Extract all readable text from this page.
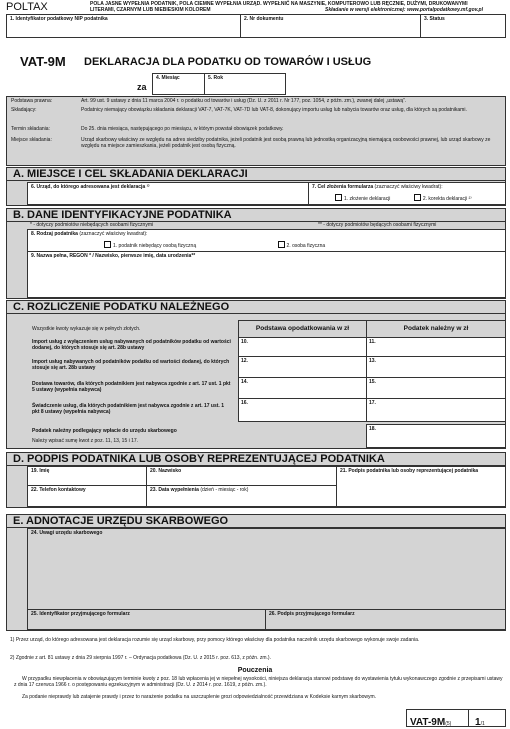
POLTAX	POLA JASNE WYPEŁNIA PODATNIK, POLA CIEMNE WYPEŁNIA URZĄD. WYPEŁNIĆ NA MASZYNIE, KOMPUTEROWO LUB RĘCZNIE, DUŻYMI, DRUKOWANYMI
LITERAMI, CZARNYM LUB NIEBIESKIM KOLOREM	Składanie w wersji elektronicznej: www.portalpodatkowy.mf.gov.pl
1. Identyfikator podatkowy NIP podatnika	2. Nr dokumentu	3. Status
VAT-9M DEKLARACJA DLA PODATKU OD TOWARÓW I USŁUG
za
4. Miesiąc	5. Rok
Podstawa prawna:	Art. 99 ust. 9 ustawy z dnia 11 marca 2004 r. o podatku od towarów i usług (Dz. U. z 2011 r. Nr 177, poz. 1054, z późn. zm.), zwanej dalej „ustawą”.
Składający:	Podatnicy niemający obowiązku składania deklaracji VAT-7, VAT-7K, VAT-7D lub VAT-8, dokonujący importu usług lub nabycia towarów oraz usług, dla których są podatnikami.
Termin składania:	Do 25. dnia miesiąca, następującego po miesiącu, w którym powstał obowiązek podatkowy.
Miejsce składania:	Urząd skarbowy właściwy ze względu na adres siedziby podatnika, jeżeli podatnik jest osobą prawną lub jednostką organizacyjną niemającą osobowości prawnej, lub urząd skarbowy ze względu na miejsce zamieszkania, jeżeli podatnik jest osobą fizyczną.
A. MIEJSCE I CEL SKŁADANIA DEKLARACJI
6. Urząd, do którego adresowana jest deklaracja ¹⁾	7. Cel złożenia formularza (zaznaczyć właściwy kwadrat):
1. złożenie deklaracji	2. korekta deklaracji ²⁾
B. DANE IDENTYFIKACYJNE PODATNIKA
* - dotyczy podmiotów niebędących osobami fizycznymi	** - dotyczy podmiotów będących osobami fizycznymi
8. Rodzaj podatnika (zaznaczyć właściwy kwadrat):
1. podatnik niebędący osobą fizyczną	2. osoba fizyczna
9. Nazwa pełna, REGON * / Nazwisko, pierwsze imię, data urodzenia**
C. ROZLICZENIE PODATKU NALEŻNEGO
Wszystkie kwoty wykazuje się w pełnych złotych.	Podstawa opodatkowania w zł	Podatek należny w zł
Import usług z wyłączeniem usług nabywanych od podatników podatku od wartości dodanej, do których stosuje się art. 28b ustawy
10.	11.
Import usług nabywanych od podatników podatku od wartości dodanej, do których stosuje się art. 28b ustawy
12.	13.
Dostawa towarów, dla których podatnikiem jest nabywca zgodnie z art. 17 ust. 1 pkt 5 ustawy (wypełnia nabywca)
14.	15.
Świadczenie usług, dla których podatnikiem jest nabywca zgodnie z art. 17 ust. 1 pkt 8 ustawy (wypełnia nabywca)
16.	17.
Podatek należny podlegający wpłacie do urzędu skarbowego
Należy wpisać sumę kwot z poz. 11, 13, 15 i 17.
18.
D. PODPIS PODATNIKA LUB OSOBY REPREZENTUJĄCEJ PODATNIKA
19. Imię	20. Nazwisko	21. Podpis podatnika lub osoby reprezentującej podatnika
22. Telefon kontaktowy	23. Data wypełnienia (dzień - miesiąc - rok)
E. ADNOTACJE URZĘDU SKARBOWEGO
24. Uwagi urzędu skarbowego
25. Identyfikator przyjmującego formularz	26. Podpis przyjmującego formularz
1) Przez urząd, do którego adresowana jest deklaracja rozumie się urząd skarbowy, przy pomocy którego właściwy dla podatnika naczelnik urzędu skarbowego wykonuje swoje zadania.
2) Zgodnie z art. 81 ustawy z dnia 29 sierpnia 1997 r. – Ordynacja podatkowa (Dz. U. z 2015 r. poz. 613, z późn. zm.).
Pouczenia
W przypadku niewpłacenia w obowiązującym terminie kwoty z poz. 18 lub wpłacenia jej w niepełnej wysokości, niniejsza deklaracja stanowi podstawę do wystawienia tytułu wykonawczego zgodnie z przepisami ustawy z dnia 17 czerwca 1966 r. o postępowaniu egzekucyjnym w administracji (Dz. U. z 2014 r. poz. 1619, z późn. zm.).
Za podanie nieprawdy lub zatajenie prawdy i przez to narażenie podatku na uszczuplenie grozi odpowiedzialność przewidziana w Kodeksie karnym skarbowym.
VAT-9M(5)	1/1
